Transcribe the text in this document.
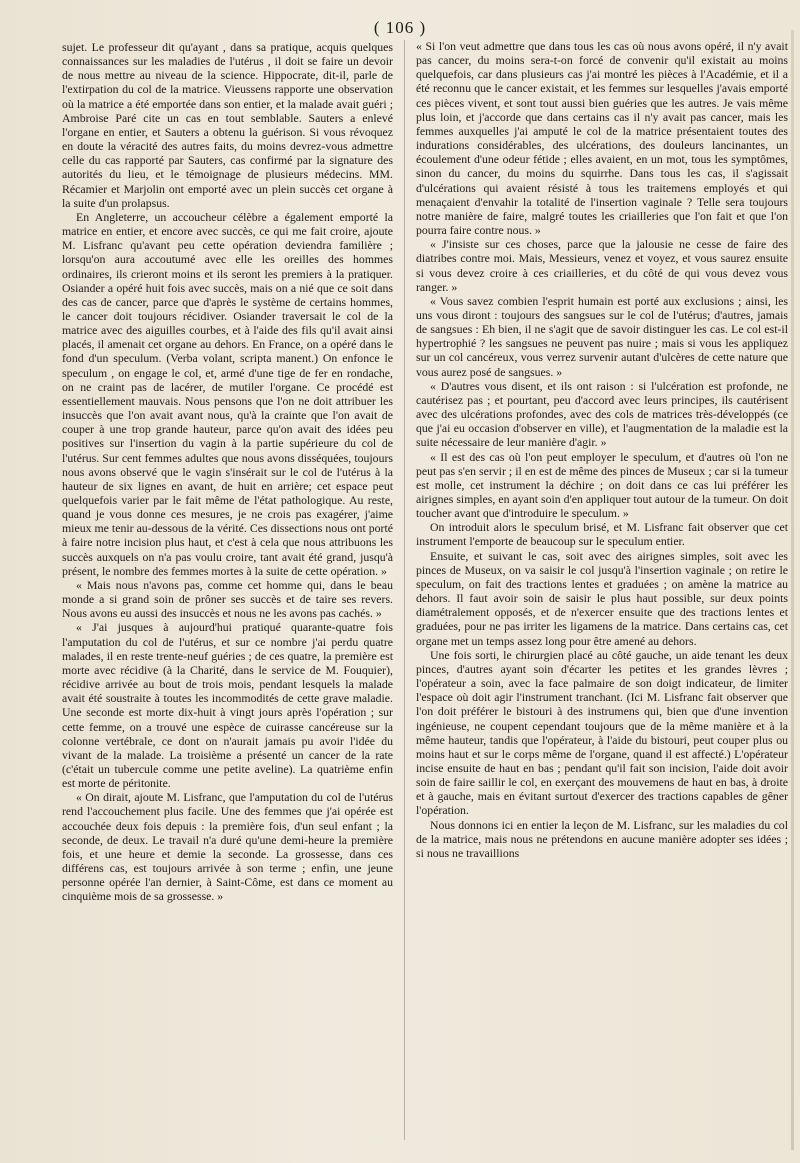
( 106 )

sujet. Le professeur dit qu'ayant , dans sa pratique, acquis quelques connaissances sur les maladies de l'utérus , il doit se faire un devoir de nous mettre au niveau de la science. Hippocrate, dit-il, parle de l'extirpation du col de la matrice. Vieussens rapporte une observation où la matrice a été emportée dans son entier, et la malade avait guéri ; Ambroise Paré cite un cas en tout semblable. Sauters a enlevé l'organe en entier, et Sauters a obtenu la guérison. Si vous révoquez en doute la véracité des autres faits, du moins devrez-vous admettre celle du cas rapporté par Sauters, cas confirmé par la signature des autorités du lieu, et le témoignage de plusieurs médecins. MM. Récamier et Marjolin ont emporté avec un plein succès cet organe à la suite d'un prolapsus.

En Angleterre, un accoucheur célèbre a également emporté la matrice en entier, et encore avec succès, ce qui me fait croire, ajoute M. Lisfranc qu'avant peu cette opération deviendra familière ; lorsqu'on aura accoutumé avec elle les oreilles des hommes ordinaires, ils crieront moins et ils seront les premiers à la pratiquer. Osiander a opéré huit fois avec succès, mais on a nié que ce soit dans des cas de cancer, parce que d'après le système de certains hommes, le cancer doit toujours récidiver. Osiander traversait le col de la matrice avec des aiguilles courbes, et à l'aide des fils qu'il avait ainsi placés, il amenait cet organe au dehors. En France, on a opéré dans le fond d'un speculum. (Verba volant, scripta manent.) On enfonce le speculum , on engage le col, et, armé d'une tige de fer en rondache, on ne craint pas de lacérer, de mutiler l'organe. Ce procédé est essentiellement mauvais. Nous pensons que l'on ne doit attribuer les insuccès que l'on avait avant nous, qu'à la crainte que l'on avait de couper à une trop grande hauteur, parce qu'on avait des idées peu positives sur l'insertion du vagin à la partie supérieure du col de l'utérus. Sur cent femmes adultes que nous avons disséquées, toujours nous avons observé que le vagin s'insérait sur le col de l'utérus à la hauteur de six lignes en avant, de huit en arrière; cet espace peut quelquefois varier par le fait même de l'état pathologique. Au reste, quand je vous donne ces mesures, je ne crois pas exagérer, j'aime mieux me tenir au-dessous de la vérité. Ces dissections nous ont porté à faire notre incision plus haut, et c'est à cela que nous attribuons les succès auxquels on n'a pas voulu croire, tant avait été grand, jusqu'à présent, le nombre des femmes mortes à la suite de cette opération. »

« Mais nous n'avons pas, comme cet homme qui, dans le beau monde a si grand soin de prôner ses succès et de taire ses revers. Nous avons eu aussi des insuccès et nous ne les avons pas cachés. »

« J'ai jusques à aujourd'hui pratiqué quarante-quatre fois l'amputation du col de l'utérus, et sur ce nombre j'ai perdu quatre malades, il en reste trente-neuf guéries ; de ces quatre, la première est morte avec récidive (à la Charité, dans le service de M. Fouquier), récidive arrivée au bout de trois mois, pendant lesquels la malade avait été soustraite à toutes les incommodités de cette grave maladie. Une seconde est morte dix-huit à vingt jours après l'opération ; sur cette femme, on a trouvé une espèce de cuirasse cancéreuse sur la colonne vertébrale, ce dont on n'aurait jamais pu avoir l'idée du vivant de la malade. La troisième a présenté un cancer de la rate (c'était un tubercule comme une petite aveline). La quatrième enfin est morte de péritonite.

« On dirait, ajoute M. Lisfranc, que l'amputation du col de l'utérus rend l'accouchement plus facile. Une des femmes que j'ai opérée est accouchée deux fois depuis : la première fois, d'un seul enfant ; la seconde, de deux. Le travail n'a duré qu'une demi-heure la première fois, et une heure et demie la seconde. La grossesse, dans ces différens cas, est toujours arrivée à son terme ; enfin, une jeune personne opérée l'an dernier, à Saint-Côme, est dans ce moment au cinquième mois de sa grossesse. »

« Si l'on veut admettre que dans tous les cas où nous avons opéré, il n'y avait pas cancer, du moins sera-t-on forcé de convenir qu'il existait au moins quelquefois, car dans plusieurs cas j'ai montré les pièces à l'Académie, et il a été reconnu que le cancer existait, et les femmes sur lesquelles j'avais emporté ces pièces vivent, et sont tout aussi bien guéries que les autres. Je vais même plus loin, et j'accorde que dans certains cas il n'y avait pas cancer, mais les femmes auxquelles j'ai amputé le col de la matrice présentaient toutes des indurations considérables, des ulcérations, des douleurs lancinantes, un écoulement d'une odeur fétide ; elles avaient, en un mot, tous les symptômes, sinon du cancer, du moins du squirrhe. Dans tous les cas, il s'agissait d'ulcérations qui avaient résisté à tous les traitemens employés et qui menaçaient d'envahir la totalité de l'insertion vaginale ? Telle sera toujours notre manière de faire, malgré toutes les criailleries que l'on fait et que l'on pourra faire contre nous. »

« J'insiste sur ces choses, parce que la jalousie ne cesse de faire des diatribes contre moi. Mais, Messieurs, venez et voyez, et vous saurez ensuite si vous devez croire à ces criailleries, et du côté de qui vous devez vous ranger. »

« Vous savez combien l'esprit humain est porté aux exclusions ; ainsi, les uns vous diront : toujours des sangsues sur le col de l'utérus; d'autres, jamais de sangsues : Eh bien, il ne s'agit que de savoir distinguer les cas. Le col est-il hypertrophié ? les sangsues ne peuvent pas nuire ; mais si vous les appliquez sur un col cancéreux, vous verrez survenir autant d'ulcères de cette nature que vous aurez posé de sangsues. »

« D'autres vous disent, et ils ont raison : si l'ulcération est profonde, ne cautérisez pas ; et pourtant, peu d'accord avec leurs principes, ils cautérisent avec des ulcérations profondes, avec des cols de matrices très-développés (ce que j'ai eu occasion d'observer en ville), et l'augmentation de la maladie est la suite nécessaire de leur manière d'agir. »

« Il est des cas où l'on peut employer le speculum, et d'autres où l'on ne peut pas s'en servir ; il en est de même des pinces de Museux ; car si la tumeur est molle, cet instrument la déchire ; on doit dans ce cas lui préférer les airignes simples, en ayant soin d'en appliquer tout autour de la tumeur. On doit toucher avant que d'introduire le speculum. »

On introduit alors le speculum brisé, et M. Lisfranc fait observer que cet instrument l'emporte de beaucoup sur le speculum entier.

Ensuite, et suivant le cas, soit avec des airignes simples, soit avec les pinces de Museux, on va saisir le col jusqu'à l'insertion vaginale ; on retire le speculum, on fait des tractions lentes et graduées ; on amène la matrice au dehors. Il faut avoir soin de saisir le plus haut possible, sur deux points diamétralement opposés, et de n'exercer ensuite que des tractions lentes et graduées, pour ne pas irriter les ligamens de la matrice. Dans certains cas, cet organe met un temps assez long pour être amené au dehors.

Une fois sorti, le chirurgien placé au côté gauche, un aide tenant les deux pinces, d'autres ayant soin d'écarter les petites et les grandes lèvres ; l'opérateur a soin, avec la face palmaire de son doigt indicateur, de limiter l'espace où doit agir l'instrument tranchant. (Ici M. Lisfranc fait observer que l'on doit préférer le bistouri à des instrumens qui, bien que d'une invention ingénieuse, ne coupent cependant toujours que de la même manière et à la même hauteur, tandis que l'opérateur, à l'aide du bistouri, peut couper plus ou moins haut et sur le corps même de l'organe, quand il est affecté.) L'opérateur incise ensuite de haut en bas ; pendant qu'il fait son incision, l'aide doit avoir soin de faire saillir le col, en exerçant des mouvemens de haut en bas, à droite et à gauche, mais en évitant surtout d'exercer des tractions capables de gêner l'opération.

Nous donnons ici en entier la leçon de M. Lisfranc, sur les maladies du col de la matrice, mais nous ne prétendons en aucune manière adopter ses idées ; si nous ne travaillions
